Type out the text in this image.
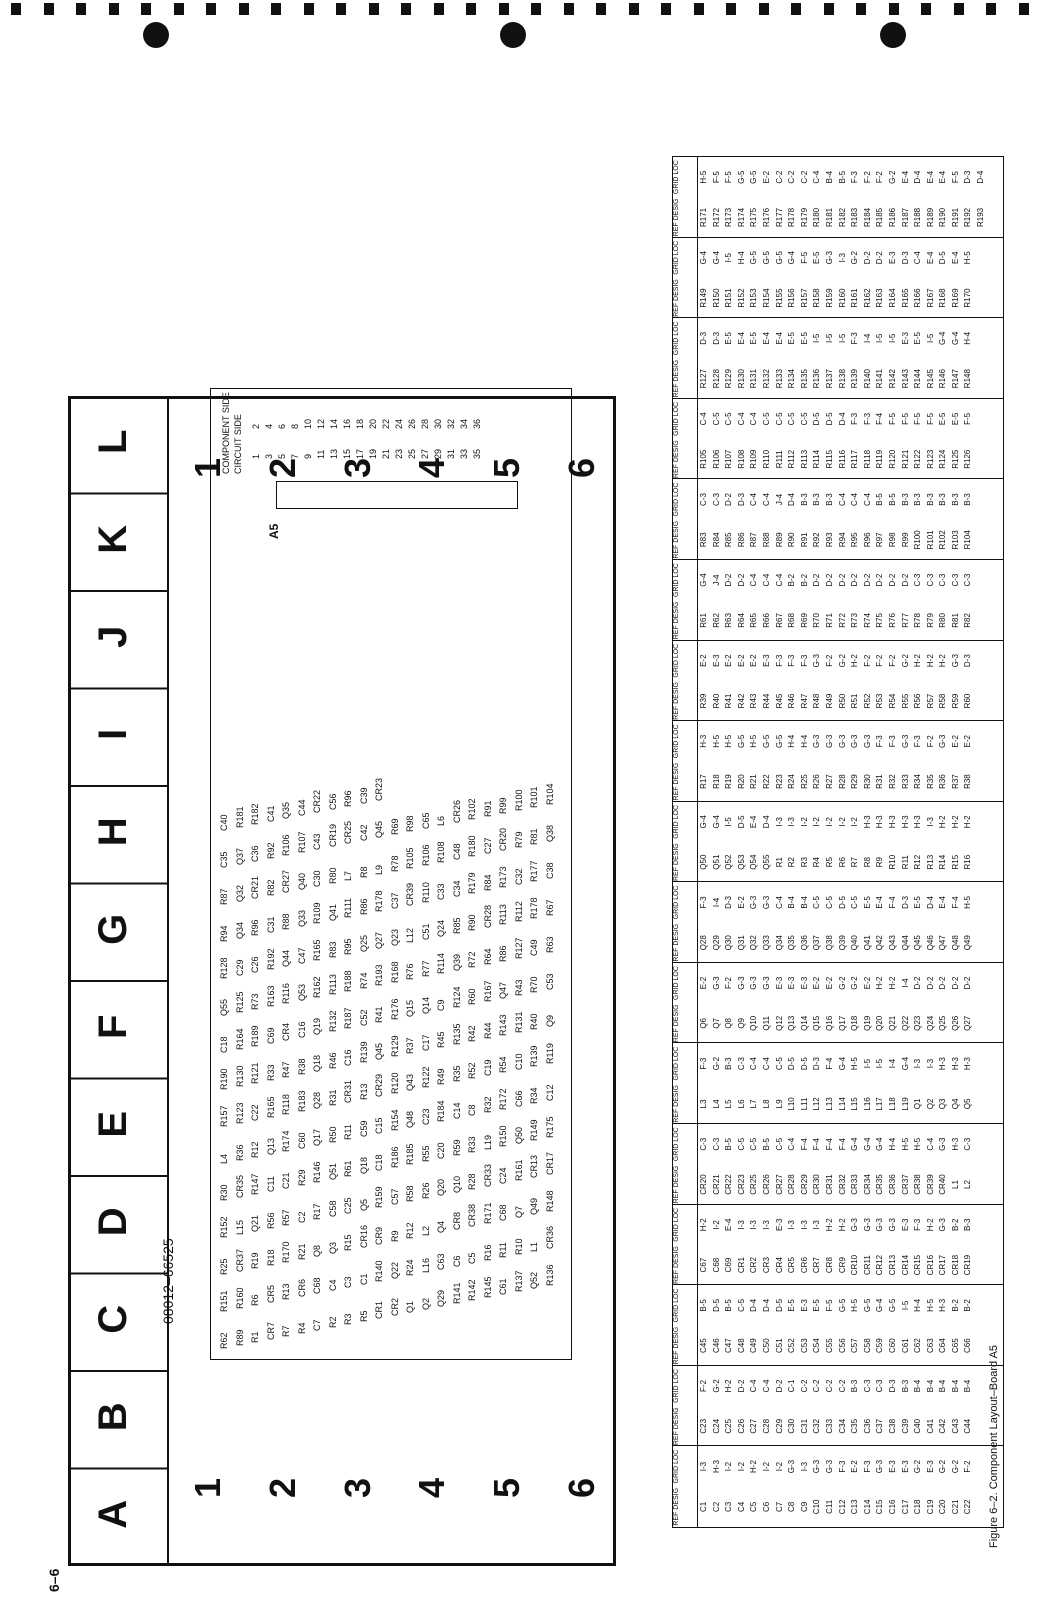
6–6
Figure 6–2. Component Layout–Board A5
A
B
C
D
E
F
G
H
I
J
K
L
1
1
2
2
3
3
4
4
5
5
6
6
08012–66525
R62 R89 R1 CR7 R7 R4 C7 R2 R3 R5 CR1 CR2 Q1 Q2 Q29 R141 R142 R145 C61 R137 Q52 R136
R151 R160 R6 CR5 R13 CR6 C68 C4 C3 C1 R140 Q22 R24 L16 C63 C6 C5 R16 R11 R10 L1 CR36
R25 CR37 R19 R18 R170 R21 Q8 Q3 R15 CR16 CR9 R9 R12 L2 Q4 CR8 CR38 R171 C68 Q7 Q49 R148
R152 L15 Q21 R56 R57 C2 R17 C58 C25 Q5 R159 C57 R58 R26 Q20 Q10 R28 CR33 C24 R161 CR13 CR17
R30 CR35 R147 C11 C21 R29 R146 Q51 R61 Q18 C18 R186 R185 R55 C20 R59 R33 L19 R150 Q50 R149 R175
L4 R36 R12 Q13 R174 C60 Q17 R50 R11 C59 C15 R154 Q48 C23 R184 C14 C8 R32 R172 C66 R34 C12
R157 R123 C22 R165 R118 R183 Q28 R31 CR31 R13 CR29 R120 Q43 R122 R49 R35 R52 C19 R54 C10 R139 R119
R190 R130 R121 R33 R47 R38 Q18 R46 C16 R139 Q45 R129 R37 C17 R45 R135 R42 R44 R143 R131 R40 Q9
C18 R164 R189 C69 CR4 C16 Q19 R132 R187 C52 R41 R176 Q15 Q14 C9 R124 R60 R167 Q47 R43 R70 C53
Q55 R125 R73 R163 R116 Q53 R162 R113 R188 R74 R193 R168 R76 R77 R114 Q39 R72 R64 R86 R127 C49 R63
R128 C29 C26 R192 Q44 C47 R165 R83 R95 Q25 Q27 Q23 L12 C51 Q24 R85 R90 CR28 R113 R112 R178 R67
R94 Q34 R96 C31 R88 Q33 R109 Q41 R111 R86 R178 C37 CR39 R110 C33 C34 R179 R84 R173 C32 R177 C38
R87 Q32 CR21 R82 CR27 Q40 C30 R80 L7 R8 L9 R78 R105 R106 R108 C48 R180 C27 CR20 R79 R81 Q38
C35 Q37 C36 R92 R106 R107 C43 CR19 CR25 C42 Q45 R69 R98 C65 L6 CR26 R102 R91 R99 R100 R101 R104
C40 R181 R182 C41 Q35 C44 CR22 C56 R96 C39 CR23
A5
CIRCUIT SIDE
COMPONENT SIDE 1 3 5 7 9 11 13 15 17 19 21 23 25 27 29 31 33 35
2 4 6 8 10 12 14 16 18 20 22 24 26 28 30 32 34 36
REF DESIG
GRID LOC
C1
I-3
C2
H-3
C3
I-2
C4
I-2
C5
H-2
C6
I-2
C7
I-2
C8
G-3
C9
I-3
C10
G-3
C11
G-3
C12
F-3
C13
E-2
C14
F-3
C15
G-3
C16
E-3
C17
E-3
C18
G-2
C19
E-3
C20
G-2
C21
G-2
C22
F-2
REF DESIG
GRID LOC
C23
F-2
C24
G-2
C25
H-2
C26
D-2
C27
C-4
C28
C-4
C29
D-2
C30
C-1
C31
C-2
C32
C-2
C33
C-2
C34
C-2
C35
B-3
C36
C-3
C37
C-3
C38
D-3
C39
B-3
C40
B-4
C41
B-4
C42
B-4
C43
B-4
C44
B-4
REF DESIG
GRID LOC
C45
B-5
C46
D-5
C47
B-5
C48
C-5
C49
D-4
C50
D-4
C51
D-5
C52
E-5
C53
E-3
C54
E-5
C55
F-5
C56
G-5
C57
H-5
C58
G-5
C59
G-4
C60
G-5
C61
I-5
C62
H-4
C63
H-5
C64
H-3
C65
B-2
C66
B-2
REF DESIG
GRID LOC
C67
H-2
C68
I-2
C69
E-4
CR1
I-3
CR2
I-3
CR3
I-3
CR4
E-3
CR5
I-3
CR6
I-3
CR7
I-3
CR8
H-2
CR9
H-2
CR10
G-3
CR11
G-3
CR12
G-3
CR13
G-3
CR14
E-3
CR15
F-3
CR16
H-2
CR17
G-3
CR18
B-2
CR19
B-3
REF DESIG
GRID LOC
CR20
C-3
CR21
C-3
CR22
B-5
CR23
C-5
CR25
C-5
CR26
B-5
CR27
C-5
CR28
C-4
CR29
F-4
CR30
F-4
CR31
F-4
CR32
F-4
CR33
G-4
CR34
G-4
CR35
G-4
CR36
H-4
CR37
H-5
CR38
H-5
CR39
C-4
CR40
G-3
L1
H-3
L2
C-3
REF DESIG
GRID LOC
L3
F-3
L4
G-2
L5
B-3
L6
C-3
L7
C-4
L8
C-4
L9
C-5
L10
D-5
L11
D-5
L12
D-3
L13
F-4
L14
G-4
L15
H-5
L16
I-5
L17
I-5
L18
I-4
L19
G-4
Q1
I-3
Q2
I-3
Q3
H-3
Q4
H-3
Q5
H-3
REF DESIG
GRID LOC
Q6
E-2
Q7
G-3
Q8
F-2
Q9
G-3
Q10
G-3
Q11
G-3
Q12
E-3
Q13
E-3
Q14
E-3
Q15
E-2
Q16
E-2
Q17
G-2
Q18
G-2
Q19
E-2
Q20
H-2
Q21
H-2
Q22
I-4
Q23
D-2
Q24
D-2
Q25
D-2
Q26
D-2
Q27
D-2
REF DESIG
GRID LOC
Q28
F-3
Q29
I-4
Q30
D-3
Q31
E-2
Q32
G-3
Q33
G-3
Q34
C-4
Q35
B-4
Q36
B-4
Q37
C-5
Q38
C-5
Q39
D-5
Q40
C-5
Q41
E-5
Q42
E-4
Q43
F-4
Q44
D-3
Q45
E-5
Q46
D-4
Q47
E-4
Q48
F-4
Q49
H-5
REF DESIG
GRID LOC
Q50
G-4
Q51
G-4
Q52
I-5
Q53
D-5
Q54
E-4
Q55
D-4
R1
I-3
R2
I-3
R3
I-2
R4
I-2
R5
I-2
R6
I-2
R7
I-2
R8
H-3
R9
H-3
R10
H-3
R11
H-3
R12
H-3
R13
I-3
R14
H-2
R15
H-2
R16
H-2
REF DESIG
GRID LOC
R17
H-3
R18
H-5
R19
H-5
R20
G-5
R21
H-5
R22
G-5
R23
G-5
R24
H-4
R25
H-4
R26
G-3
R27
G-3
R28
G-3
R29
G-3
R30
G-3
R31
F-3
R32
F-3
R33
G-3
R34
F-3
R35
F-2
R36
G-3
R37
E-2
R38
E-2
REF DESIG
GRID LOC
R39
E-2
R40
E-3
R41
E-2
R42
E-2
R43
E-2
R44
E-3
R45
F-3
R46
F-3
R47
F-3
R48
G-3
R49
F-2
R50
G-2
R51
H-2
R52
F-2
R53
F-2
R54
F-2
R55
G-2
R56
H-2
R57
H-2
R58
H-2
R59
G-3
R60
D-3
REF DESIG
GRID LOC
R61
G-4
R62
J-4
R63
D-2
R64
D-2
R65
C-4
R66
C-4
R67
C-4
R68
B-2
R69
B-2
R70
D-2
R71
D-2
R72
D-2
R73
D-2
R74
D-2
R75
D-2
R76
D-2
R77
D-2
R78
C-3
R79
C-3
R80
C-3
R81
C-3
R82
C-3
REF DESIG
GRID LOC
R83
C-3
R84
C-3
R85
D-2
R86
D-3
R87
C-4
R88
C-4
R89
J-4
R90
D-4
R91
B-3
R92
B-3
R93
B-3
R94
C-4
R95
C-4
R96
C-4
R97
B-5
R98
B-5
R99
B-3
R100
B-3
R101
B-3
R102
B-3
R103
B-3
R104
B-3
REF DESIG
GRID LOC
R105
C-4
R106
C-5
R107
C-5
R108
C-4
R109
C-4
R110
C-5
R111
C-5
R112
C-5
R113
C-5
R114
D-5
R115
D-5
R116
D-4
R117
F-3
R118
F-3
R119
F-4
R120
F-5
R121
F-5
R122
F-5
R123
F-5
R124
E-5
R125
E-5
R126
F-5
REF DESIG
GRID LOC
R127
D-3
R128
D-3
R129
E-5
R130
E-4
R131
E-5
R132
E-4
R133
E-4
R134
E-5
R135
E-5
R136
I-5
R137
I-5
R138
I-5
R139
F-3
R140
I-4
R141
I-5
R142
I-5
R143
E-3
R144
E-5
R145
I-5
R146
G-4
R147
G-4
R148
H-4
REF DESIG
GRID LOC
R149
G-4
R150
G-4
R151
I-5
R152
H-4
R153
G-5
R154
G-5
R155
G-5
R156
G-4
R157
F-5
R158
E-5
R159
G-3
R160
I-3
R161
G-2
R162
D-2
R163
D-2
R164
E-3
R165
D-3
R166
C-4
R167
E-4
R168
D-5
R169
E-4
R170
H-5
REF DESIG
GRID LOC
R171
H-5
R172
F-5
R173
F-5
R174
G-5
R175
G-5
R176
E-2
R177
C-2
R178
C-2
R179
C-2
R180
C-4
R181
B-4
R182
B-5
R183
F-3
R184
F-2
R185
F-2
R186
G-2
R187
E-4
R188
D-4
R189
E-4
R190
E-4
R191
F-5
R192
D-3
R193
D-4
